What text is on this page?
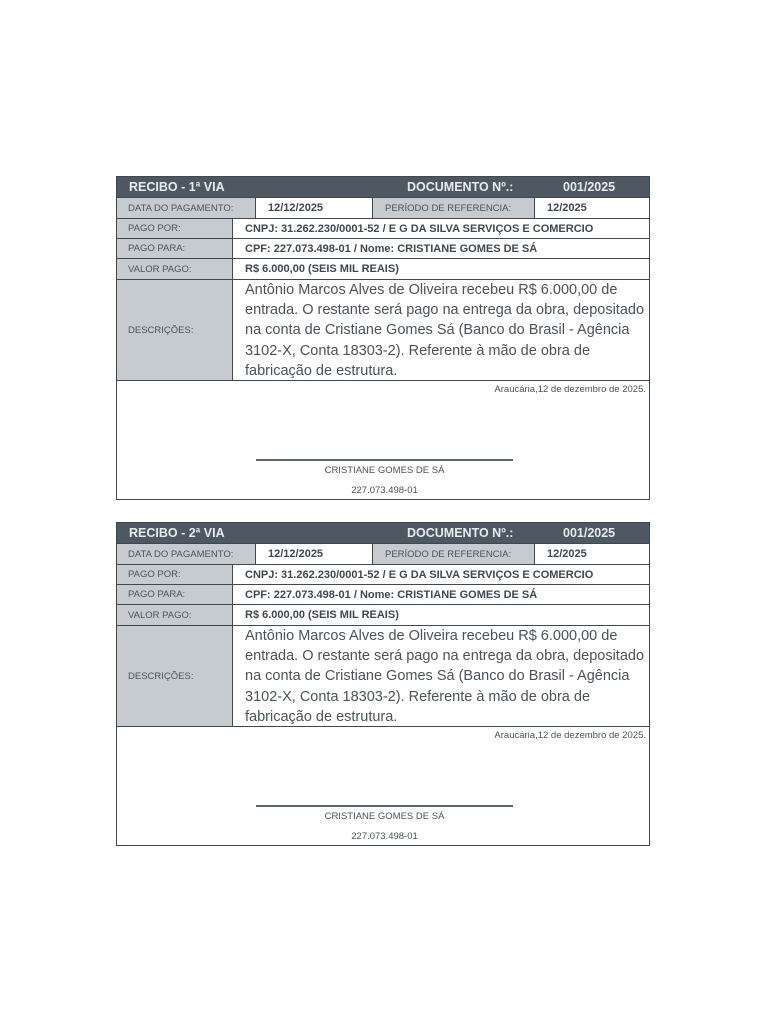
RECIBO - 1ª VIA	DOCUMENTO Nº.:	001/2025
DATA DO PAGAMENTO:	12/12/2025	PERÍODO DE REFERENCIA:	12/2025
PAGO POR:	CNPJ: 31.262.230/0001-52 / E G DA SILVA SERVIÇOS E COMERCIO
PAGO PARA:	CPF: 227.073.498-01 / Nome: CRISTIANE GOMES DE SÁ
VALOR PAGO:	R$ 6.000,00 (SEIS MIL REAIS)
DESCRIÇÕES:
Antônio Marcos Alves de Oliveira recebeu R$ 6.000,00 de entrada. O restante será pago na entrega da obra, depositado na conta de Cristiane Gomes Sá (Banco do Brasil - Agência 3102-X, Conta 18303-2). Referente à mão de obra de fabricação de estrutura.
Araucária,12 de dezembro de 2025.
CRISTIANE GOMES DE SÁ
227.073.498-01
RECIBO - 2ª VIA	DOCUMENTO Nº.:	001/2025
DATA DO PAGAMENTO:	12/12/2025	PERÍODO DE REFERENCIA:	12/2025
PAGO POR:	CNPJ: 31.262.230/0001-52 / E G DA SILVA SERVIÇOS E COMERCIO
PAGO PARA:	CPF: 227.073.498-01 / Nome: CRISTIANE GOMES DE SÁ
VALOR PAGO:	R$ 6.000,00 (SEIS MIL REAIS)
DESCRIÇÕES:
Antônio Marcos Alves de Oliveira recebeu R$ 6.000,00 de entrada. O restante será pago na entrega da obra, depositado na conta de Cristiane Gomes Sá (Banco do Brasil - Agência 3102-X, Conta 18303-2). Referente à mão de obra de fabricação de estrutura.
Araucária,12 de dezembro de 2025.
CRISTIANE GOMES DE SÁ
227.073.498-01
